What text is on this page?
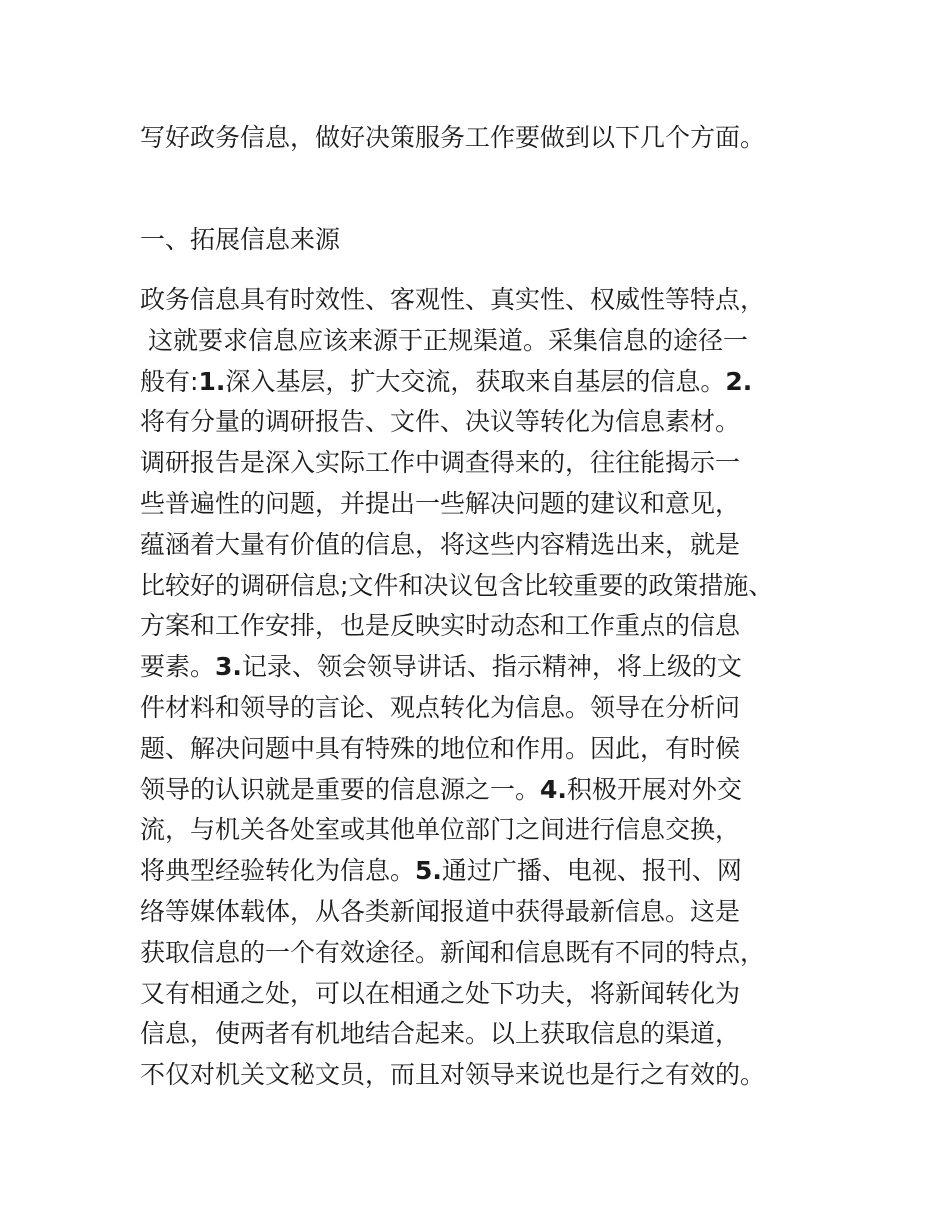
写好政务信息，做好决策服务工作要做到以下几个方面。

一、拓展信息来源
政务信息具有时效性、客观性、真实性、权威性等特点，
这就要求信息应该来源于正规渠道。采集信息的途径一
般有:1.深入基层，扩大交流，获取来自基层的信息。2.
将有分量的调研报告、文件、决议等转化为信息素材。
调研报告是深入实际工作中调查得来的，往往能揭示一
些普遍性的问题，并提出一些解决问题的建议和意见，
蕴涵着大量有价值的信息，将这些内容精选出来，就是
比较好的调研信息;文件和决议包含比较重要的政策措施、
方案和工作安排，也是反映实时动态和工作重点的信息
要素。3.记录、领会领导讲话、指示精神，将上级的文
件材料和领导的言论、观点转化为信息。领导在分析问
题、解决问题中具有特殊的地位和作用。因此，有时候
领导的认识就是重要的信息源之一。4.积极开展对外交
流，与机关各处室或其他单位部门之间进行信息交换，
将典型经验转化为信息。5.通过广播、电视、报刊、网
络等媒体载体，从各类新闻报道中获得最新信息。这是
获取信息的一个有效途径。新闻和信息既有不同的特点，
又有相通之处，可以在相通之处下功夫，将新闻转化为
信息，使两者有机地结合起来。以上获取信息的渠道，
不仅对机关文秘文员，而且对领导来说也是行之有效的。
